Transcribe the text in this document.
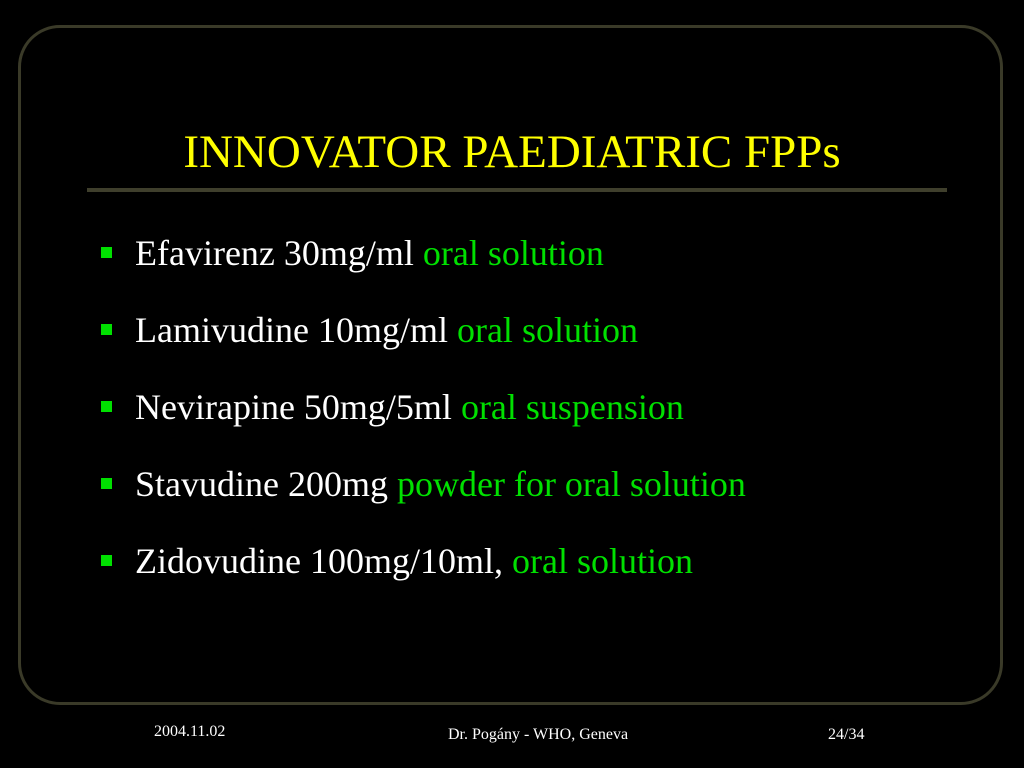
INNOVATOR PAEDIATRIC FPPs
Efavirenz 30mg/ml oral solution
Lamivudine 10mg/ml oral solution
Nevirapine 50mg/5ml oral suspension
Stavudine 200mg powder for oral solution
Zidovudine 100mg/10ml, oral solution
2004.11.02	Dr. Pogány - WHO, Geneva	24/34
